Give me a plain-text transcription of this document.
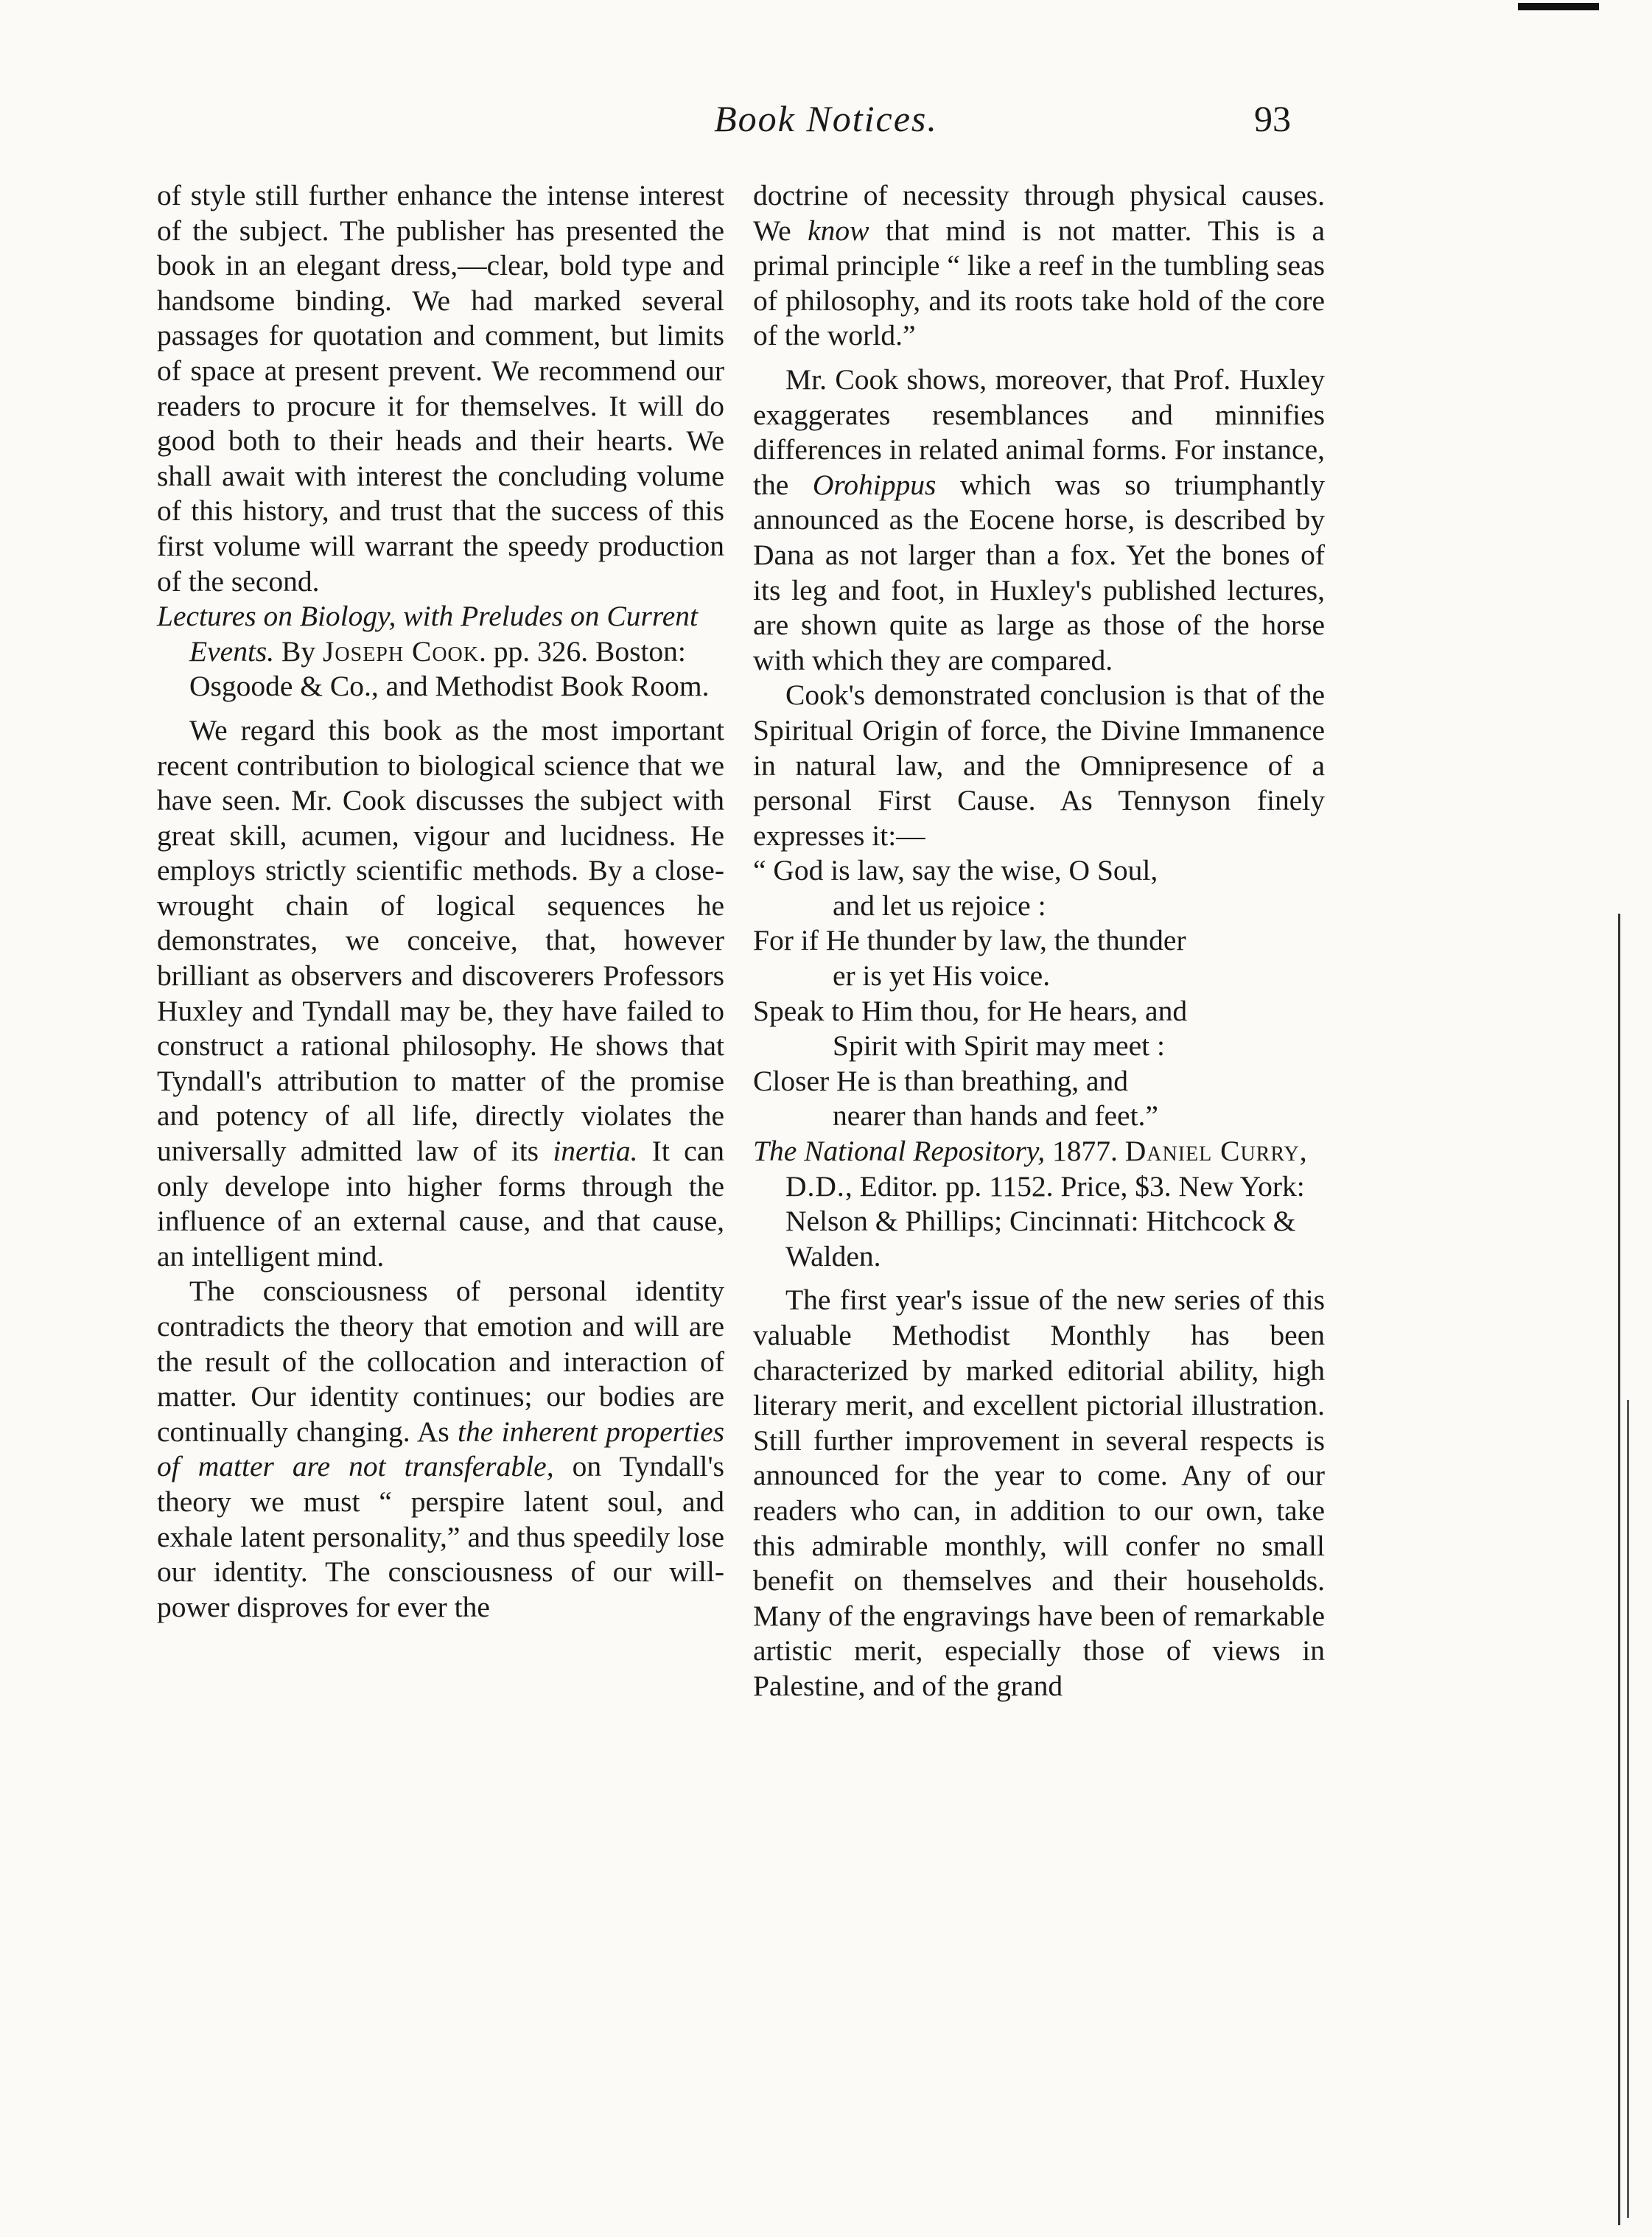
Book Notices.	93

of style still further enhance the intense interest of the subject. The publisher has presented the book in an elegant dress,—clear, bold type and handsome binding. We had marked several passages for quotation and comment, but limits of space at present prevent. We recommend our readers to procure it for themselves. It will do good both to their heads and their hearts. We shall await with interest the concluding volume of this history, and trust that the success of this first volume will warrant the speedy production of the second.

Lectures on Biology, with Preludes on Current Events. By Joseph Cook. pp. 326. Boston: Osgoode & Co., and Methodist Book Room.

We regard this book as the most important recent contribution to biological science that we have seen. Mr. Cook discusses the subject with great skill, acumen, vigour and lucidness. He employs strictly scientific methods. By a close-wrought chain of logical sequences he demonstrates, we conceive, that, however brilliant as observers and discoverers Professors Huxley and Tyndall may be, they have failed to construct a rational philosophy. He shows that Tyndall's attribution to matter of the promise and potency of all life, directly violates the universally admitted law of its inertia. It can only develope into higher forms through the influence of an external cause, and that cause, an intelligent mind.

The consciousness of personal identity contradicts the theory that emotion and will are the result of the collocation and interaction of matter. Our identity continues; our bodies are continually changing. As the inherent properties of matter are not transferable, on Tyndall's theory we must “ perspire latent soul, and exhale latent personality,” and thus speedily lose our identity. The consciousness of our will-power disproves for ever the

doctrine of necessity through physical causes. We know that mind is not matter. This is a primal principle “ like a reef in the tumbling seas of philosophy, and its roots take hold of the core of the world.”

Mr. Cook shows, moreover, that Prof. Huxley exaggerates resemblances and minnifies differences in related animal forms. For instance, the Orohippus which was so triumphantly announced as the Eocene horse, is described by Dana as not larger than a fox. Yet the bones of its leg and foot, in Huxley's published lectures, are shown quite as large as those of the horse with which they are compared.

Cook's demonstrated conclusion is that of the Spiritual Origin of force, the Divine Immanence in natural law, and the Omnipresence of a personal First Cause. As Tennyson finely expresses it:—

“ God is law, say the wise, O Soul,
and let us rejoice :

For if He thunder by law, the thunder
er is yet His voice.

Speak to Him thou, for He hears, and
Spirit with Spirit may meet :

Closer He is than breathing, and
nearer than hands and feet.”

The National Repository, 1877. Daniel Curry, D.D., Editor. pp. 1152. Price, $3. New York: Nelson & Phillips; Cincinnati: Hitchcock & Walden.

The first year's issue of the new series of this valuable Methodist Monthly has been characterized by marked editorial ability, high literary merit, and excellent pictorial illustration. Still further improvement in several respects is announced for the year to come. Any of our readers who can, in addition to our own, take this admirable monthly, will confer no small benefit on themselves and their households. Many of the engravings have been of remarkable artistic merit, especially those of views in Palestine, and of the grand
